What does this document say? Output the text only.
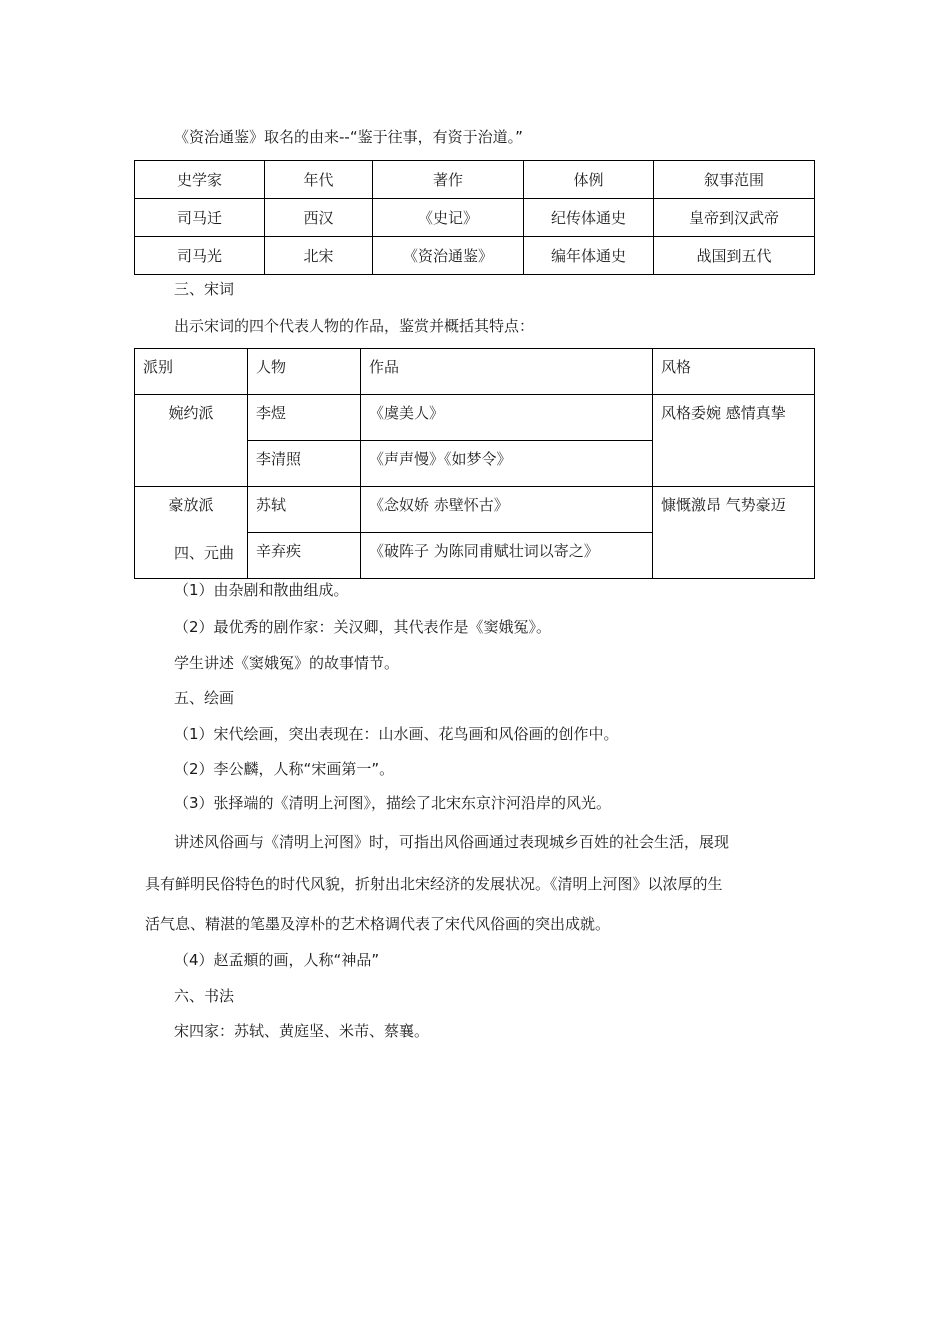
《资治通鉴》取名的由来--“鉴于往事，有资于治道。”
史学家	年代	著作	体例	叙事范围
司马迁	西汉	《史记》	纪传体通史	皇帝到汉武帝
司马光	北宋	《资治通鉴》	编年体通史	战国到五代
三、宋词
出示宋词的四个代表人物的作品，鉴赏并概括其特点：
派别	人物	作品	风格
婉约派	李煜	《虞美人》	风格委婉 感情真挚
	李清照	《声声慢》《如梦令》	
豪放派	苏轼	《念奴娇 赤壁怀古》	慷慨激昂 气势豪迈
	辛弃疾	《破阵子 为陈同甫赋壮词以寄之》	
四、元曲
（1）由杂剧和散曲组成。
（2）最优秀的剧作家：关汉卿，其代表作是《窦娥冤》。
学生讲述《窦娥冤》的故事情节。
五、绘画
（1）宋代绘画，突出表现在：山水画、花鸟画和风俗画的创作中。
（2）李公麟，人称“宋画第一”。
（3）张择端的《清明上河图》，描绘了北宋东京汴河沿岸的风光。
讲述风俗画与《清明上河图》时，可指出风俗画通过表现城乡百姓的社会生活，展现
具有鲜明民俗特色的时代风貌，折射出北宋经济的发展状况。《清明上河图》以浓厚的生
活气息、精湛的笔墨及淳朴的艺术格调代表了宋代风俗画的突出成就。
（4）赵孟頫的画，人称“神品”
六、书法
宋四家：苏轼、黄庭坚、米芾、蔡襄。
